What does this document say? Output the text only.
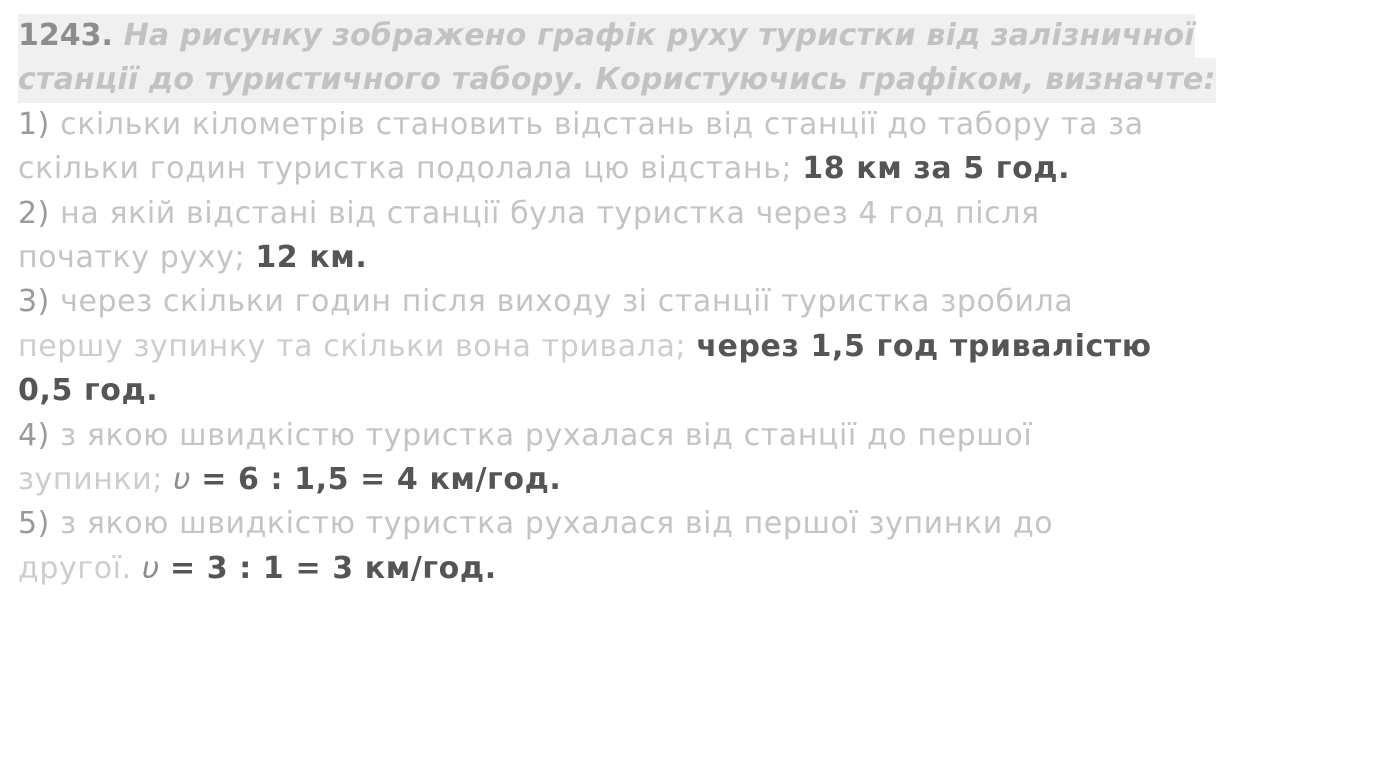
1243. На рисунку зображено графік руху туристки від залізничної
станції до туристичного табору. Користуючись графіком, визначте:
1) скільки кілометрів становить відстань від станції до табору та за
скільки годин туристка подолала цю відстань; 18 км за 5 год.
2) на якій відстані від станції була туристка через 4 год після
початку руху; 12 км.
3) через скільки годин після виходу зі станції туристка зробила
першу зупинку та скільки вона тривала; через 1,5 год тривалістю
0,5 год.
4) з якою швидкістю туристка рухалася від станції до першої
зупинки; υ = 6 : 1,5 = 4 км/год.
5) з якою швидкістю туристка рухалася від першої зупинки до
другої. υ = 3 : 1 = 3 км/год.
